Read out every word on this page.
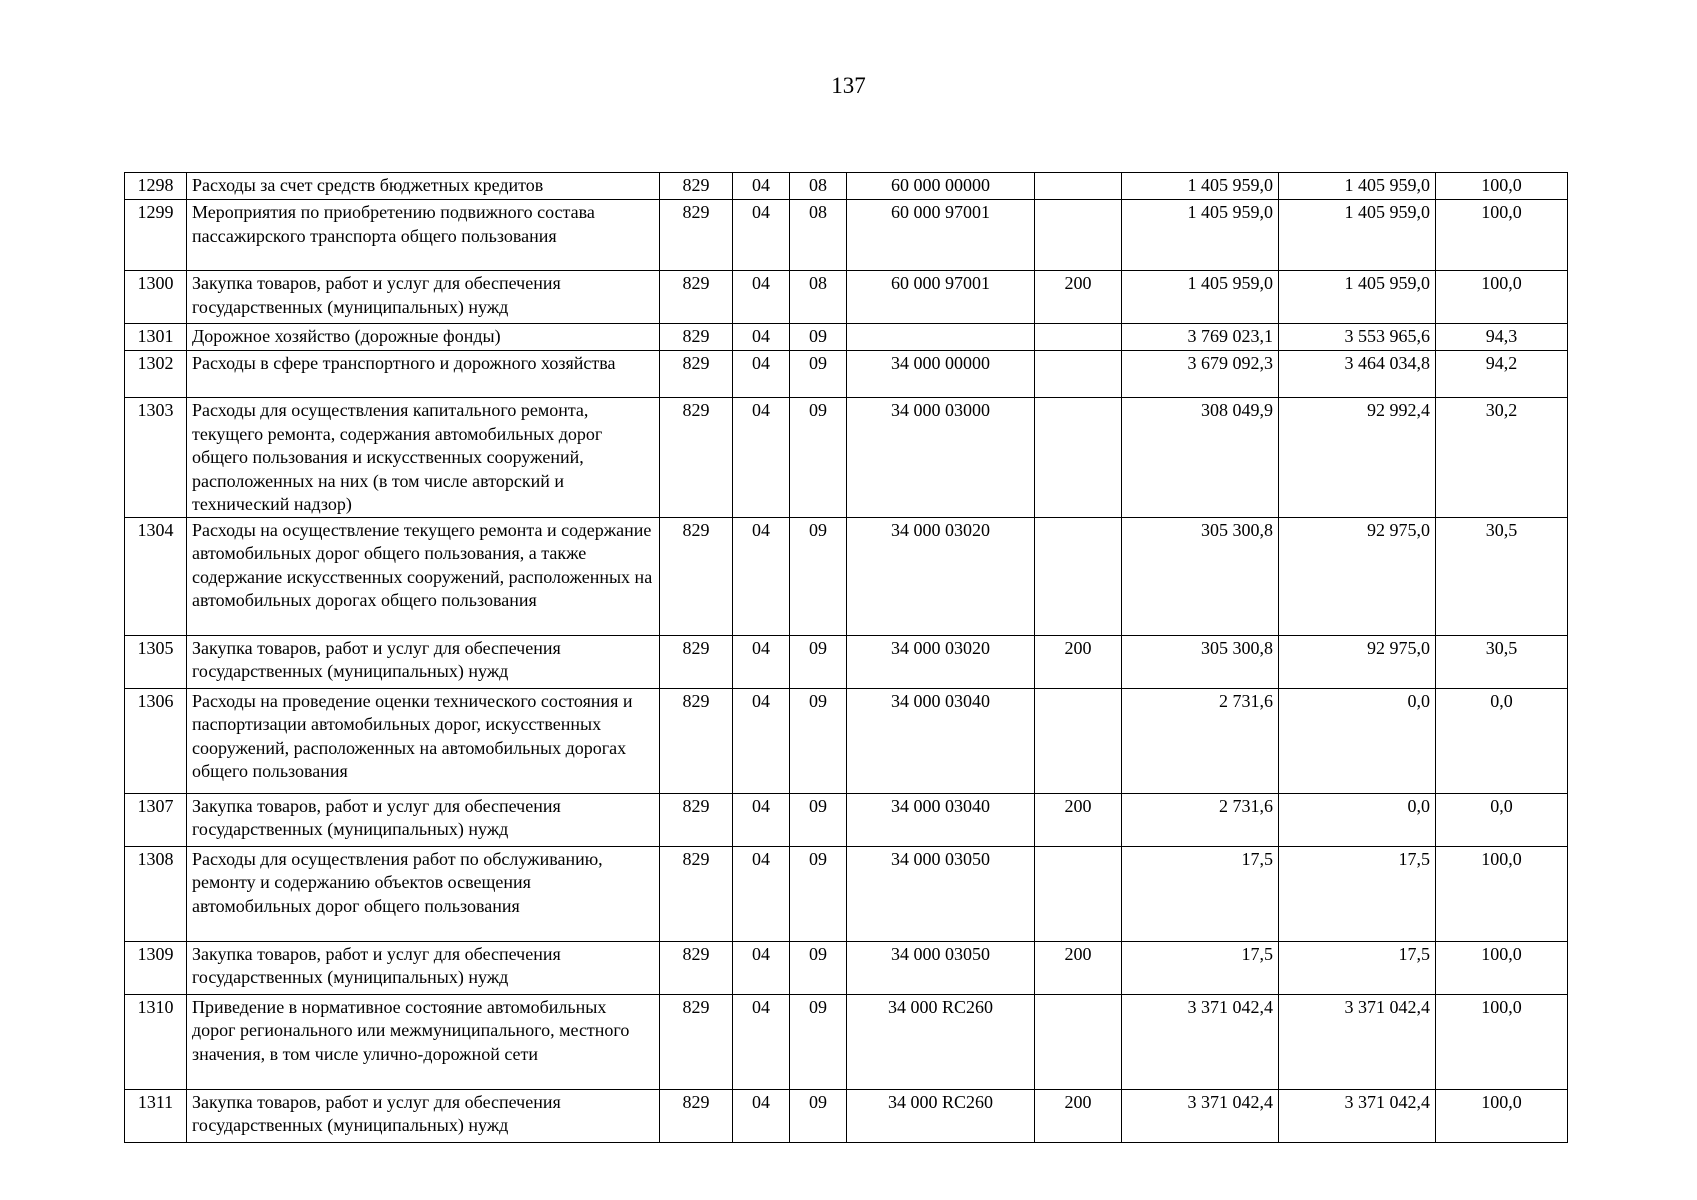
137
1298	Расходы за счет средств бюджетных кредитов	829	04	08	60 000 00000		1 405 959,0	1 405 959,0	100,0
1299	Мероприятия по приобретению подвижного состава пассажирского транспорта общего пользования	829	04	08	60 000 97001		1 405 959,0	1 405 959,0	100,0
1300	Закупка товаров, работ и услуг для обеспечения государственных (муниципальных) нужд	829	04	08	60 000 97001	200	1 405 959,0	1 405 959,0	100,0
1301	Дорожное хозяйство (дорожные фонды)	829	04	09			3 769 023,1	3 553 965,6	94,3
1302	Расходы в сфере транспортного и дорожного хозяйства	829	04	09	34 000 00000		3 679 092,3	3 464 034,8	94,2
1303	Расходы для осуществления капитального ремонта, текущего ремонта, содержания автомобильных дорог общего пользования и искусственных сооружений, расположенных на них (в том числе авторский и технический надзор)	829	04	09	34 000 03000		308 049,9	92 992,4	30,2
1304	Расходы на осуществление текущего ремонта и содержание автомобильных дорог общего пользования, а также содержание искусственных сооружений, расположенных на автомобильных дорогах общего пользования	829	04	09	34 000 03020		305 300,8	92 975,0	30,5
1305	Закупка товаров, работ и услуг для обеспечения государственных (муниципальных) нужд	829	04	09	34 000 03020	200	305 300,8	92 975,0	30,5
1306	Расходы на проведение оценки технического состояния и паспортизации автомобильных дорог, искусственных сооружений, расположенных на автомобильных дорогах общего пользования	829	04	09	34 000 03040		2 731,6	0,0	0,0
1307	Закупка товаров, работ и услуг для обеспечения государственных (муниципальных) нужд	829	04	09	34 000 03040	200	2 731,6	0,0	0,0
1308	Расходы для осуществления работ по обслуживанию, ремонту и содержанию объектов освещения автомобильных дорог общего пользования	829	04	09	34 000 03050		17,5	17,5	100,0
1309	Закупка товаров, работ и услуг для обеспечения государственных (муниципальных) нужд	829	04	09	34 000 03050	200	17,5	17,5	100,0
1310	Приведение в нормативное состояние автомобильных дорог регионального или межмуниципального, местного значения, в том числе улично-дорожной сети	829	04	09	34 000 RC260		3 371 042,4	3 371 042,4	100,0
1311	Закупка товаров, работ и услуг для обеспечения государственных (муниципальных) нужд	829	04	09	34 000 RC260	200	3 371 042,4	3 371 042,4	100,0
